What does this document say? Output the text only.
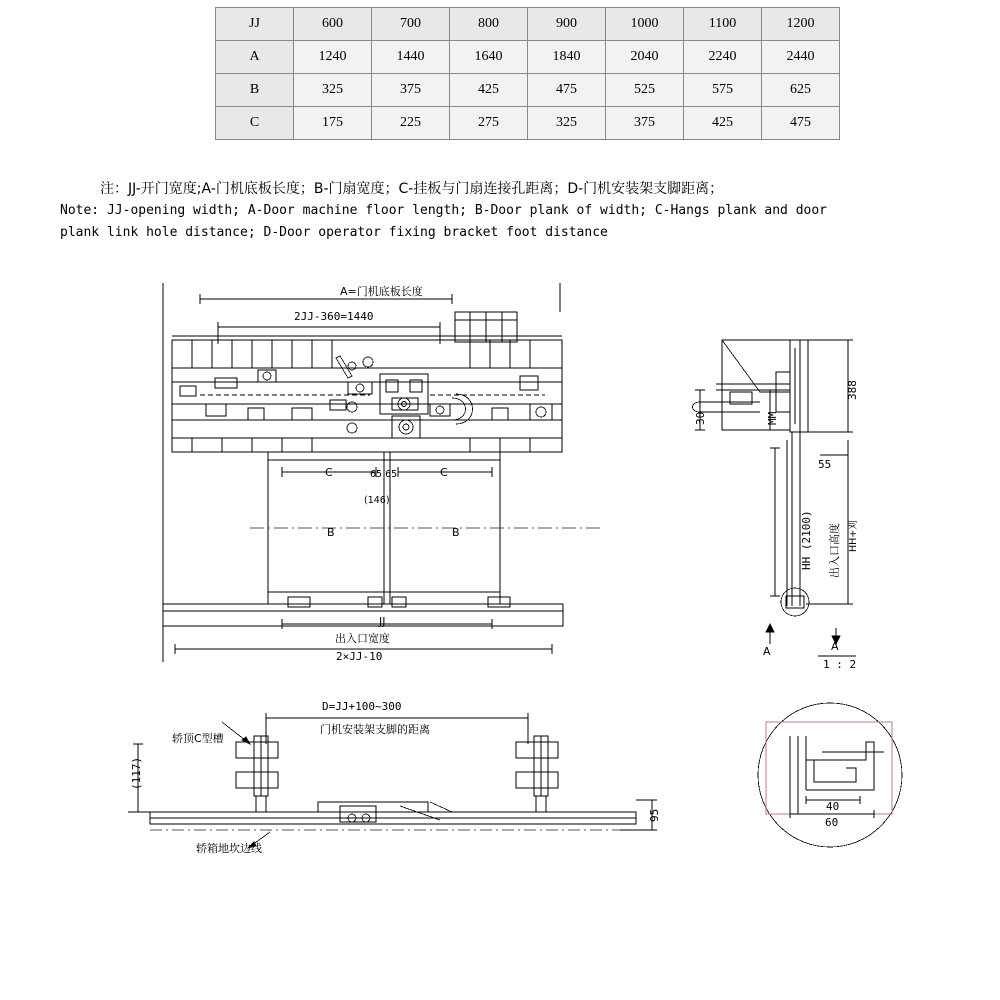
JJ	600	700	800	900	1000	1100	1200
A	1240	1440	1640	1840	2040	2240	2440
B	325	375	425	475	525	575	625
C	175	225	275	325	375	425	475
注：JJ-开门宽度;A-门机底板长度；B-门扇宽度；C-挂板与门扇连接孔距离；D-门机安装架支脚距离；
Note: JJ-opening width; A-Door machine floor length; B-Door plank of width; C-Hangs plank and door
plank link hole distance; D-Door operator fixing bracket foot distance
A=门机底板长度
2JJ-360=1440
C	C
65 65
(146)
B	B
JJ
出入口宽度
2×JJ-10
388
30	MM
55
HH (2100) 出入口高度 HH+刈
1 : 2
A	A
轿顶C型槽
D=JJ+100~300
门机安装架支脚的距离
(117)
95
轿箱地坎边线
40
60
